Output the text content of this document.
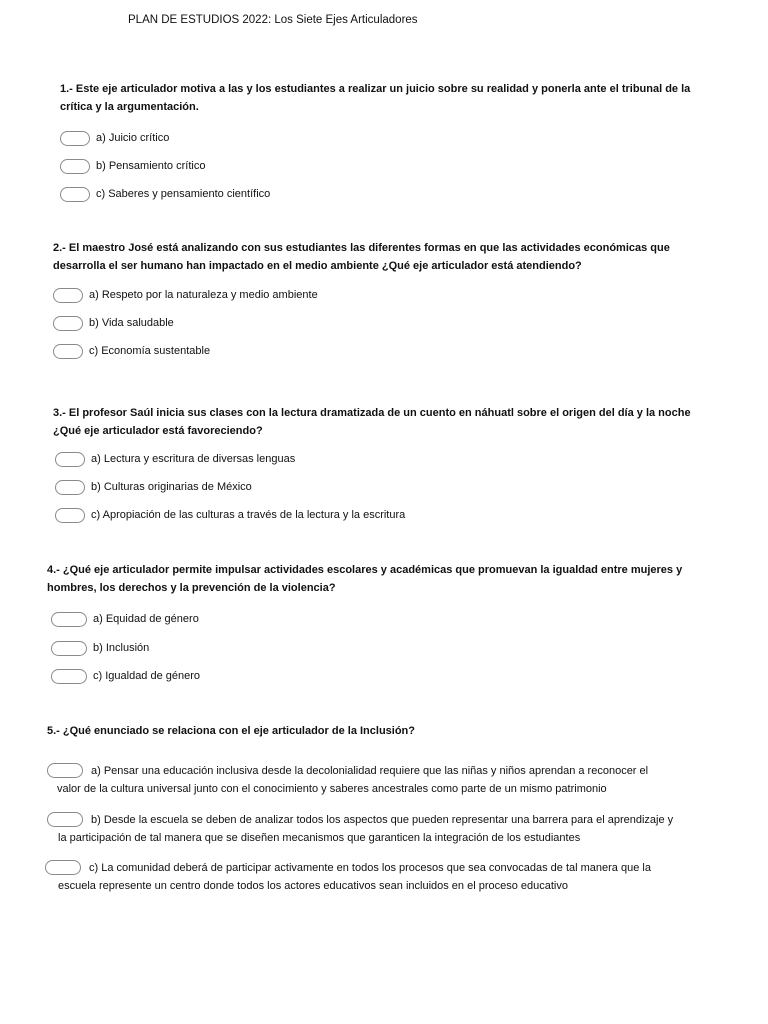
PLAN DE ESTUDIOS 2022: Los Siete Ejes Articuladores
1.- Este eje articulador motiva a las y los estudiantes a realizar un juicio sobre su realidad y ponerla ante el tribunal de la crítica y la argumentación.
a) Juicio crítico
b) Pensamiento crítico
c) Saberes y pensamiento científico
2.- El maestro José está analizando con sus estudiantes las diferentes formas en que las actividades económicas que desarrolla el ser humano han impactado en el medio ambiente ¿Qué eje articulador está atendiendo?
a) Respeto por la naturaleza y medio ambiente
b) Vida saludable
c) Economía sustentable
3.- El profesor Saúl inicia sus clases con la lectura dramatizada de un cuento en náhuatl sobre el origen del día y la noche ¿Qué eje articulador está favoreciendo?
a) Lectura y escritura de diversas lenguas
b) Culturas originarias de México
c) Apropiación de las culturas a través de la lectura y la escritura
4.- ¿Qué eje articulador permite impulsar actividades escolares y académicas que promuevan la igualdad entre mujeres y hombres, los derechos y la prevención de la violencia?
a) Equidad de género
b) Inclusión
c) Igualdad de género
5.- ¿Qué enunciado se relaciona con el eje articulador de la Inclusión?
a) Pensar una educación inclusiva desde la decolonialidad requiere que las niñas y niños aprendan a reconocer el
valor de la cultura universal junto con el conocimiento y saberes ancestrales como parte de un mismo patrimonio
b) Desde la escuela se deben de analizar todos los aspectos que pueden representar una barrera para el aprendizaje y
la participación de tal manera que se diseñen mecanismos que garanticen la integración de los estudiantes
c) La comunidad deberá de participar activamente en todos los procesos que sea convocadas de tal manera que la
escuela represente un centro donde todos los actores educativos sean incluidos en el proceso educativo
